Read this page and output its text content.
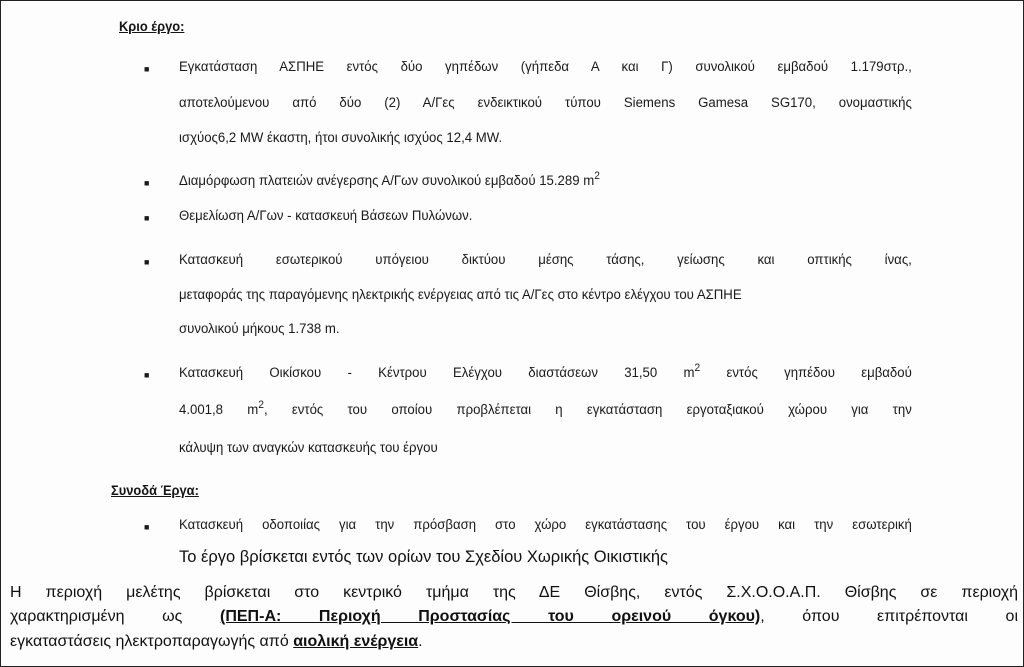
Κριο έργο:
■	Εγκατάσταση ΑΣΠΗΕ εντός δύο γηπέδων (γήπεδα Α και Γ) συνολικού εμβαδού 1.179στρ.,
αποτελούμενου από δύο (2) Α/Γες ενδεικτικού τύπου Siemens Gamesa SG170, ονομαστικής
ισχύος6,2 MW έκαστη, ήτοι συνολικής ισχύος 12,4 MW.
■	Διαμόρφωση πλατειών ανέγερσης Α/Γων συνολικού εμβαδού 15.289 $m^2$
■	Θεμελίωση Α/Γων - κατασκευή Βάσεων Πυλώνων.
■	Κατασκευή εσωτερικού υπόγειου δικτύου μέσης τάσης, γείωσης και οπτικής ίνας,
μεταφοράς της παραγόμενης ηλεκτρικής ενέργειας από τις Α/Γες στο κέντρο ελέγχου του ΑΣΠΗΕ
συνολικού μήκους 1.738 m.
■	Κατασκευή Οικίσκου - Κέντρου Ελέγχου διαστάσεων 31,50 $m^2$ εντός γηπέδου εμβαδού
4.001,8 $m^2$, εντός του οποίου προβλέπεται η εγκατάσταση εργοταξιακού χώρου για την
κάλυψη των αναγκών κατασκευής του έργου
Συνοδά Έργα:
■	Κατασκευή οδοποιίας για την πρόσβαση στο χώρο εγκατάστασης του έργου και την εσωτερική
Το έργο βρίσκεται εντός των ορίων του Σχεδίου Χωρικής Οικιστικής
Η περιοχή μελέτης βρίσκεται στο κεντρικό τμήμα της ΔΕ Θίσβης, εντός Σ.Χ.Ο.Ο.Α.Π. Θίσβης σε περιοχή
χαρακτηρισμένη ως (ΠΕΠ-Α: Περιοχή Προστασίας του ορεινού όγκου), όπου επιτρέπονται οι
εγκαταστάσεις ηλεκτροπαραγωγής από αιολική ενέργεια.
